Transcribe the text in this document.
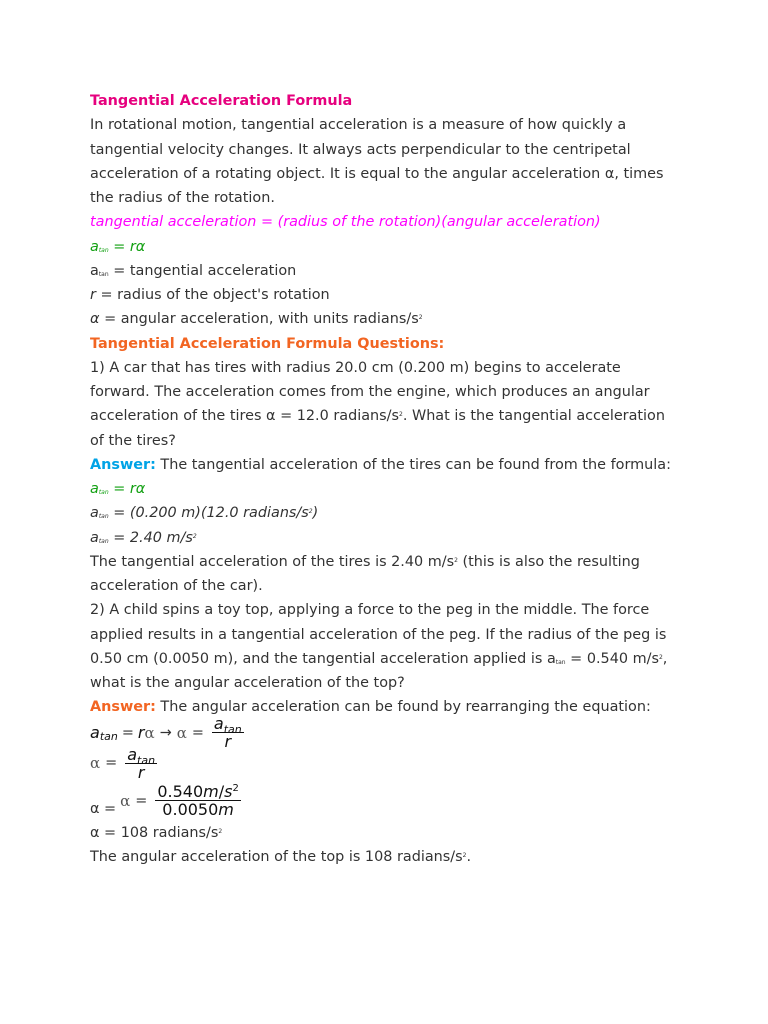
Tangential Acceleration Formula
In rotational motion, tangential acceleration is a measure of how quickly a
tangential velocity changes. It always acts perpendicular to the centripetal
acceleration of a rotating object. It is equal to the angular acceleration α, times
the radius of the rotation.
tangential acceleration = (radius of the rotation)(angular acceleration)
atan = rα
atan = tangential acceleration
r = radius of the object's rotation
α = angular acceleration, with units radians/$s^2$
Tangential Acceleration Formula Questions:
1) A car that has tires with radius 20.0 cm (0.200 m) begins to accelerate
forward. The acceleration comes from the engine, which produces an angular
acceleration of the tires α = 12.0 radians/$s^2$. What is the tangential acceleration
of the tires?
Answer: The tangential acceleration of the tires can be found from the formula:
atan = rα
atan = (0.200 m)(12.0 radians/$s^2$)
atan = 2.40 $m/s^2$
The tangential acceleration of the tires is 2.40 $m/s^2$ (this is also the resulting
acceleration of the car).
2) A child spins a toy top, applying a force to the peg in the middle. The force
applied results in a tangential acceleration of the peg. If the radius of the peg is
0.50 cm (0.0050 m), and the tangential acceleration applied is atan = 0.540 $m/s^2$,
what is the angular acceleration of the top?
Answer: The angular acceleration can be found by rearranging the equation:
a tan = r $\alpha \to \alpha = \frac{a_{tan}}{r}$
$\alpha = \frac{a_{tan}}{r}$
$\alpha = \alpha = \frac{0.540m/s^2}{0.0050m}$
α = 108 radians/$s^2$
The angular acceleration of the top is 108 radians/$s^2$.
